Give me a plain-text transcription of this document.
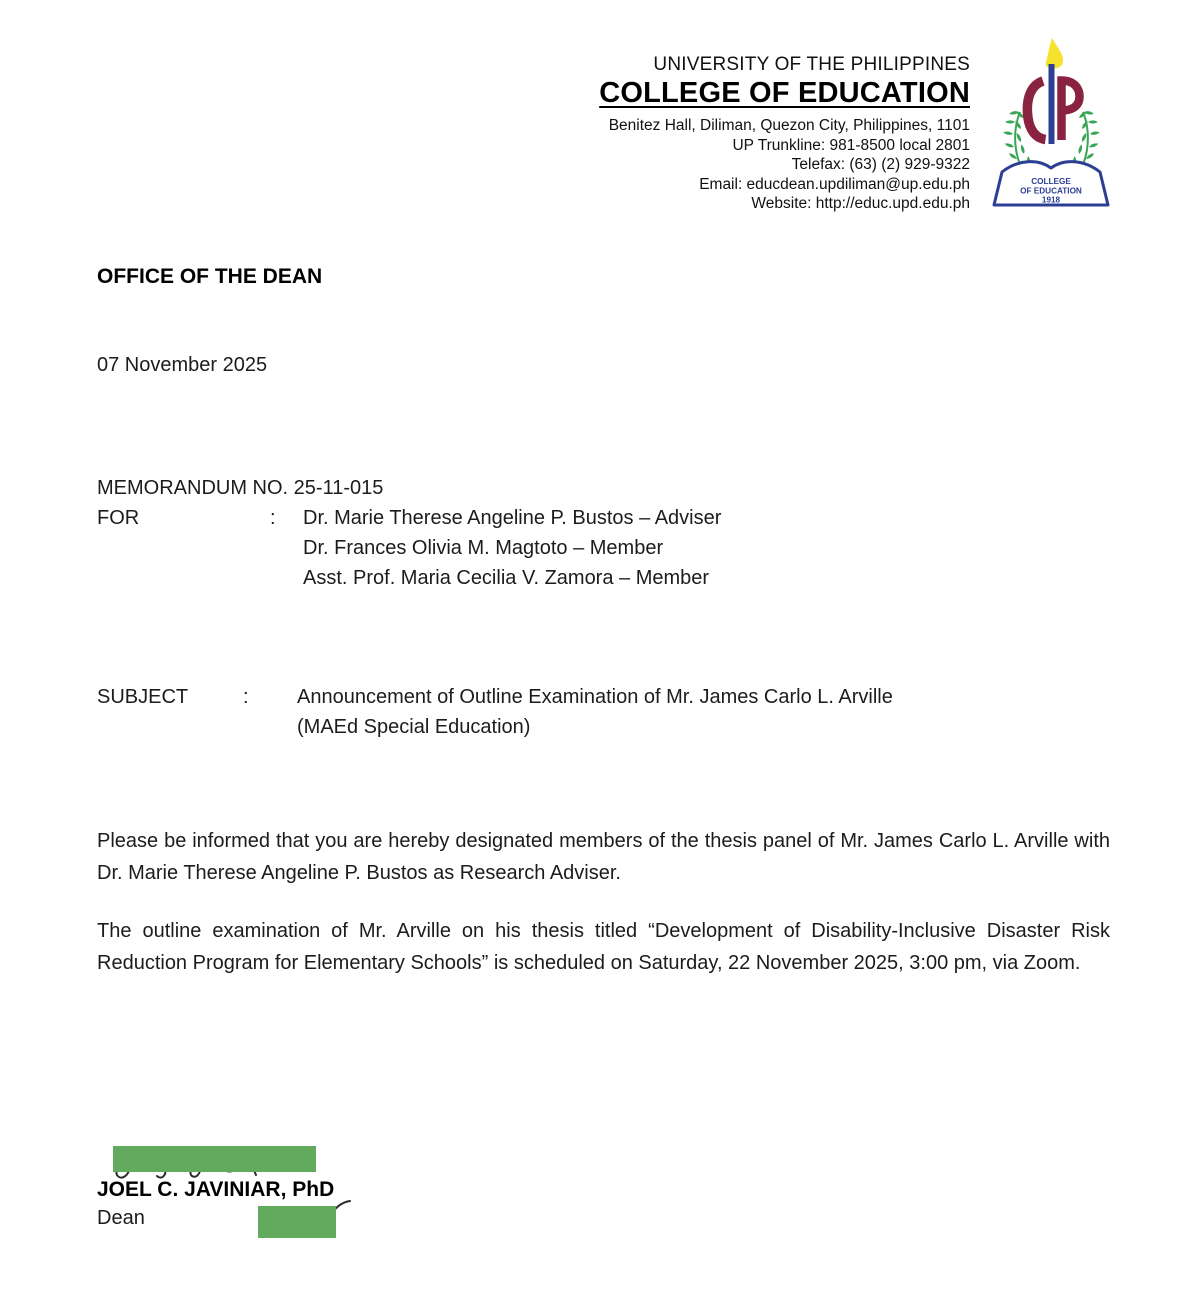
UNIVERSITY OF THE PHILIPPINES
COLLEGE OF EDUCATION
Benitez Hall, Diliman, Quezon City, Philippines, 1101
UP Trunkline: 981-8500 local 2801
Telefax: (63) (2) 929-9322
Email: educdean.updiliman@up.edu.ph
Website: http://educ.upd.edu.ph
COLLEGE
OF EDUCATION
1918
OFFICE OF THE DEAN
07 November 2025
MEMORANDUM NO. 25-11-015
FOR	:	Dr. Marie Therese Angeline P. Bustos – Adviser
Dr. Frances Olivia M. Magtoto – Member
Asst. Prof. Maria Cecilia V. Zamora – Member
SUBJECT	:	Announcement of Outline Examination of Mr. James Carlo L. Arville
(MAEd Special Education)
Please be informed that you are hereby designated members of the thesis panel of Mr. James Carlo L. Arville with Dr. Marie Therese Angeline P. Bustos as Research Adviser.
The outline examination of Mr. Arville on his thesis titled “Development of Disability-Inclusive Disaster Risk Reduction Program for Elementary Schools” is scheduled on Saturday, 22 November 2025, 3:00 pm, via Zoom.
JOEL C. JAVINIAR, PhD
Dean
